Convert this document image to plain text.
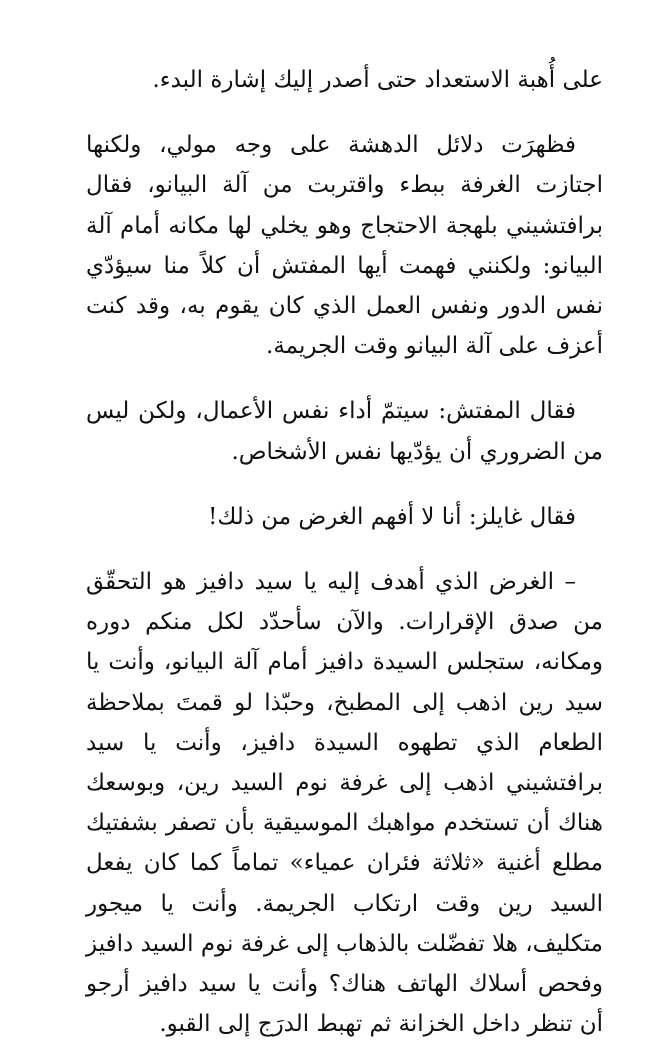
على أُهبة الاستعداد حتى أصدر إليك إشارة البدء.

فظهرَت دلائل الدهشة على وجه مولي، ولكنها اجتازت الغرفة ببطء واقتربت من آلة البيانو، فقال برافتشيني بلهجة الاحتجاج وهو يخلي لها مكانه أمام آلة البيانو: ولكنني فهمت أيها المفتش أن كلاً منا سيؤدّي نفس الدور ونفس العمل الذي كان يقوم به، وقد كنت أعزف على آلة البيانو وقت الجريمة.

فقال المفتش: سيتمّ أداء نفس الأعمال، ولكن ليس من الضروري أن يؤدّيها نفس الأشخاص.

فقال غايلز: أنا لا أفهم الغرض من ذلك!

– الغرض الذي أهدف إليه يا سيد دافيز هو التحقّق من صدق الإقرارات. والآن سأحدّد لكل منكم دوره ومكانه، ستجلس السيدة دافيز أمام آلة البيانو، وأنت يا سيد رين اذهب إلى المطبخ، وحبّذا لو قمتَ بملاحظة الطعام الذي تطهوه السيدة دافيز، وأنت يا سيد برافتشيني اذهب إلى غرفة نوم السيد رين، وبوسعك هناك أن تستخدم مواهبك الموسيقية بأن تصفر بشفتيك مطلع أغنية «ثلاثة فئران عمياء» تماماً كما كان يفعل السيد رين وقت ارتكاب الجريمة. وأنت يا ميجور متكليف، هلا تفضّلت بالذهاب إلى غرفة نوم السيد دافيز وفحص أسلاك الهاتف هناك؟ وأنت يا سيد دافيز أرجو أن تنظر داخل الخزانة ثم تهبط الدرَج إلى القبو.
